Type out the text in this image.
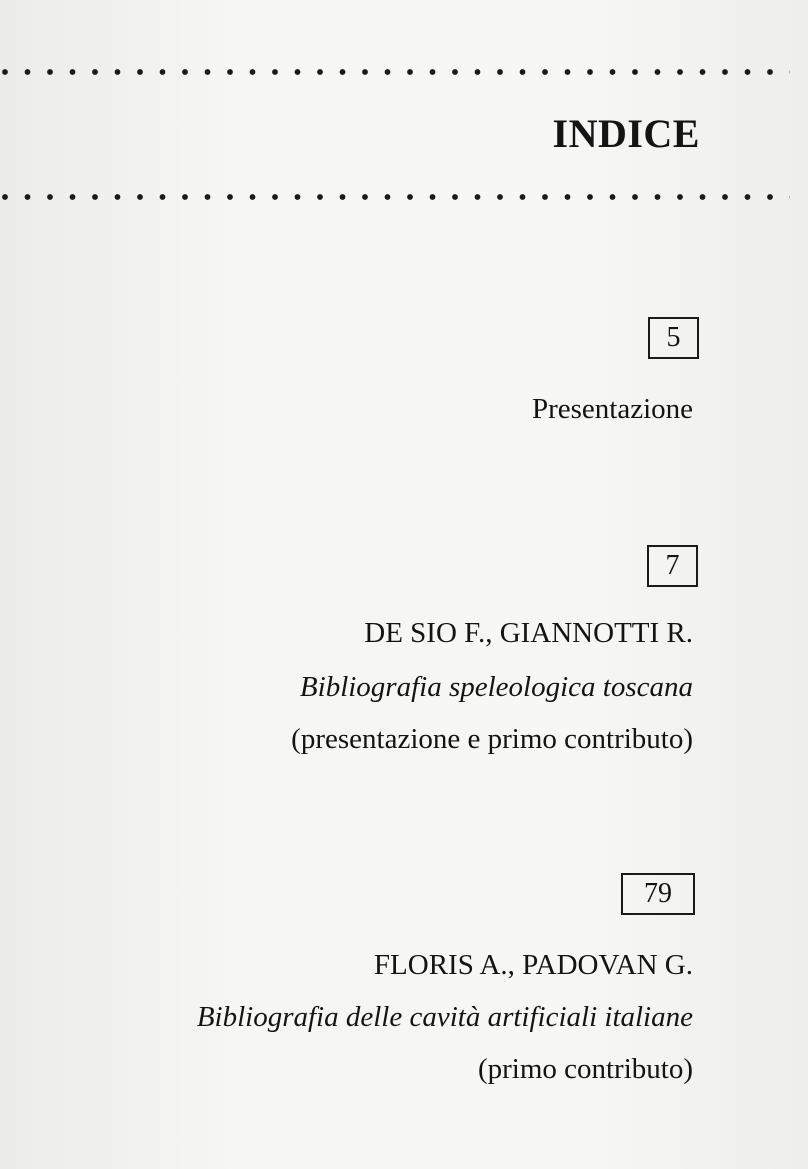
INDICE
5
Presentazione
7
DE SIO F., GIANNOTTI R.
Bibliografia speleologica toscana
(presentazione e primo contributo)
79
FLORIS A., PADOVAN G.
Bibliografia delle cavità artificiali italiane
(primo contributo)
